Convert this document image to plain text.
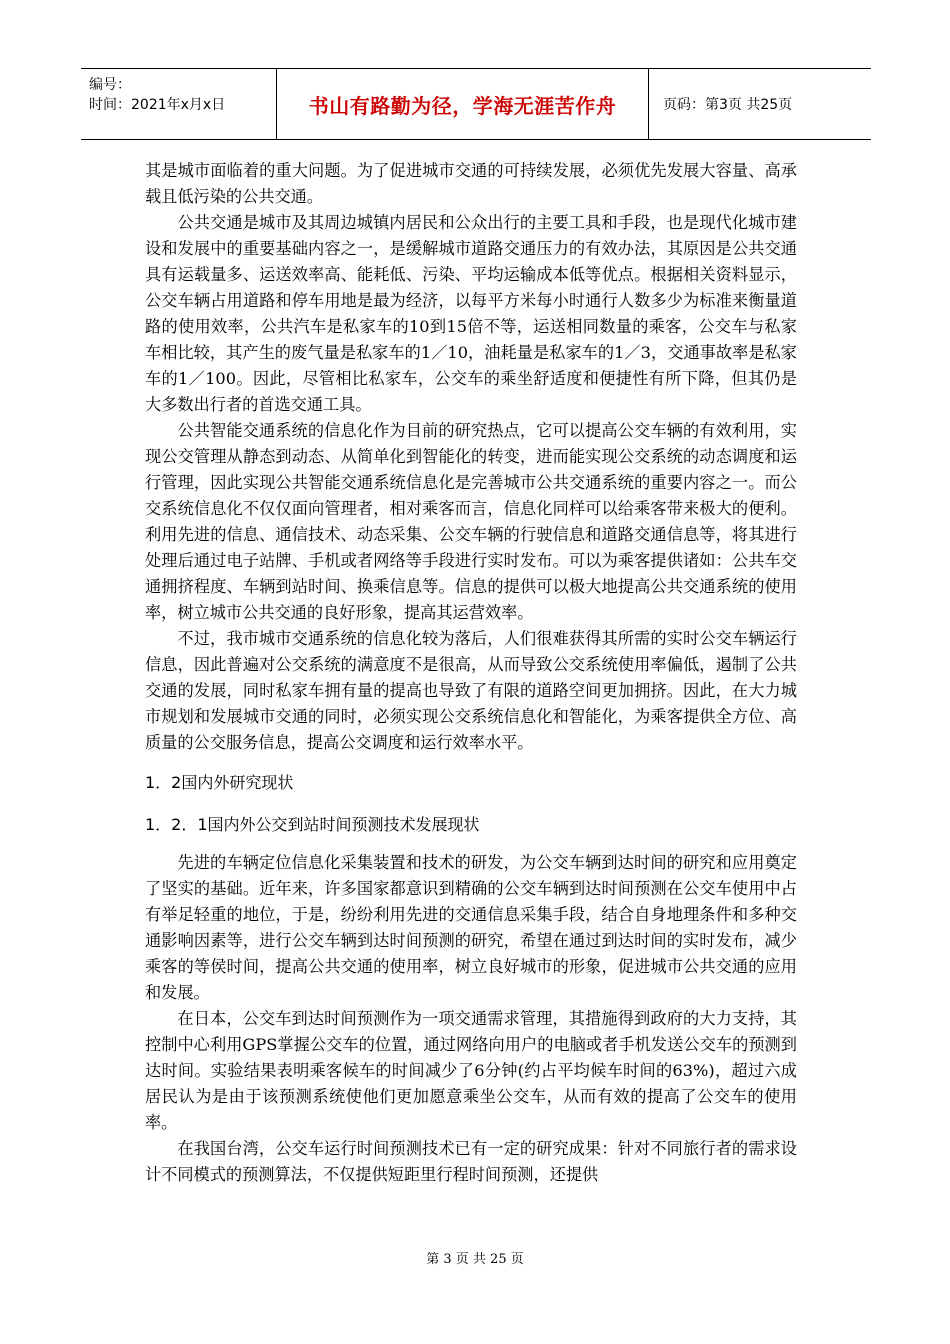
编号：
时间：2021年x月x日	书山有路勤为径，学海无涯苦作舟	页码：第3页 共25页

其是城市面临着的重大问题。为了促进城市交通的可持续发展，必须优先发展大容量、高承载且低污染的公共交通。

公共交通是城市及其周边城镇内居民和公众出行的主要工具和手段，也是现代化城市建设和发展中的重要基础内容之一，是缓解城市道路交通压力的有效办法，其原因是公共交通具有运载量多、运送效率高、能耗低、污染、平均运输成本低等优点。根据相关资料显示，公交车辆占用道路和停车用地是最为经济，以每平方米每小时通行人数多少为标准来衡量道路的使用效率，公共汽车是私家车的10到15倍不等，运送相同数量的乘客，公交车与私家车相比较，其产生的废气量是私家车的1／10，油耗量是私家车的1／3，交通事故率是私家车的1／100。因此，尽管相比私家车，公交车的乘坐舒适度和便捷性有所下降，但其仍是大多数出行者的首选交通工具。

公共智能交通系统的信息化作为目前的研究热点，它可以提高公交车辆的有效利用，实现公交管理从静态到动态、从简单化到智能化的转变，进而能实现公交系统的动态调度和运行管理，因此实现公共智能交通系统信息化是完善城市公共交通系统的重要内容之一。而公交系统信息化不仅仅面向管理者，相对乘客而言，信息化同样可以给乘客带来极大的便利。利用先进的信息、通信技术、动态采集、公交车辆的行驶信息和道路交通信息等，将其进行处理后通过电子站牌、手机或者网络等手段进行实时发布。可以为乘客提供诸如：公共车交通拥挤程度、车辆到站时间、换乘信息等。信息的提供可以极大地提高公共交通系统的使用率，树立城市公共交通的良好形象，提高其运营效率。

不过，我市城市交通系统的信息化较为落后，人们很难获得其所需的实时公交车辆运行信息，因此普遍对公交系统的满意度不是很高，从而导致公交系统使用率偏低，遏制了公共交通的发展，同时私家车拥有量的提高也导致了有限的道路空间更加拥挤。因此，在大力城市规划和发展城市交通的同时，必须实现公交系统信息化和智能化，为乘客提供全方位、高质量的公交服务信息，提高公交调度和运行效率水平。

1．2国内外研究现状
1．2．1国内外公交到站时间预测技术发展现状

先进的车辆定位信息化采集装置和技术的研发，为公交车辆到达时间的研究和应用奠定了坚实的基础。近年来，许多国家都意识到精确的公交车辆到达时间预测在公交车使用中占有举足轻重的地位，于是，纷纷利用先进的交通信息采集手段，结合自身地理条件和多种交通影响因素等，进行公交车辆到达时间预测的研究，希望在通过到达时间的实时发布，减少乘客的等侯时间，提高公共交通的使用率，树立良好城市的形象，促进城市公共交通的应用和发展。

在日本，公交车到达时间预测作为一项交通需求管理，其措施得到政府的大力支持，其控制中心利用GPS掌握公交车的位置，通过网络向用户的电脑或者手机发送公交车的预测到达时间。实验结果表明乘客候车的时间减少了6分钟(约占平均候车时间的63%)，超过六成居民认为是由于该预测系统使他们更加愿意乘坐公交车，从而有效的提高了公交车的使用率。

在我国台湾，公交车运行时间预测技术已有一定的研究成果：针对不同旅行者的需求设计不同模式的预测算法，不仅提供短距里行程时间预测，还提供

第 3 页 共 25 页
